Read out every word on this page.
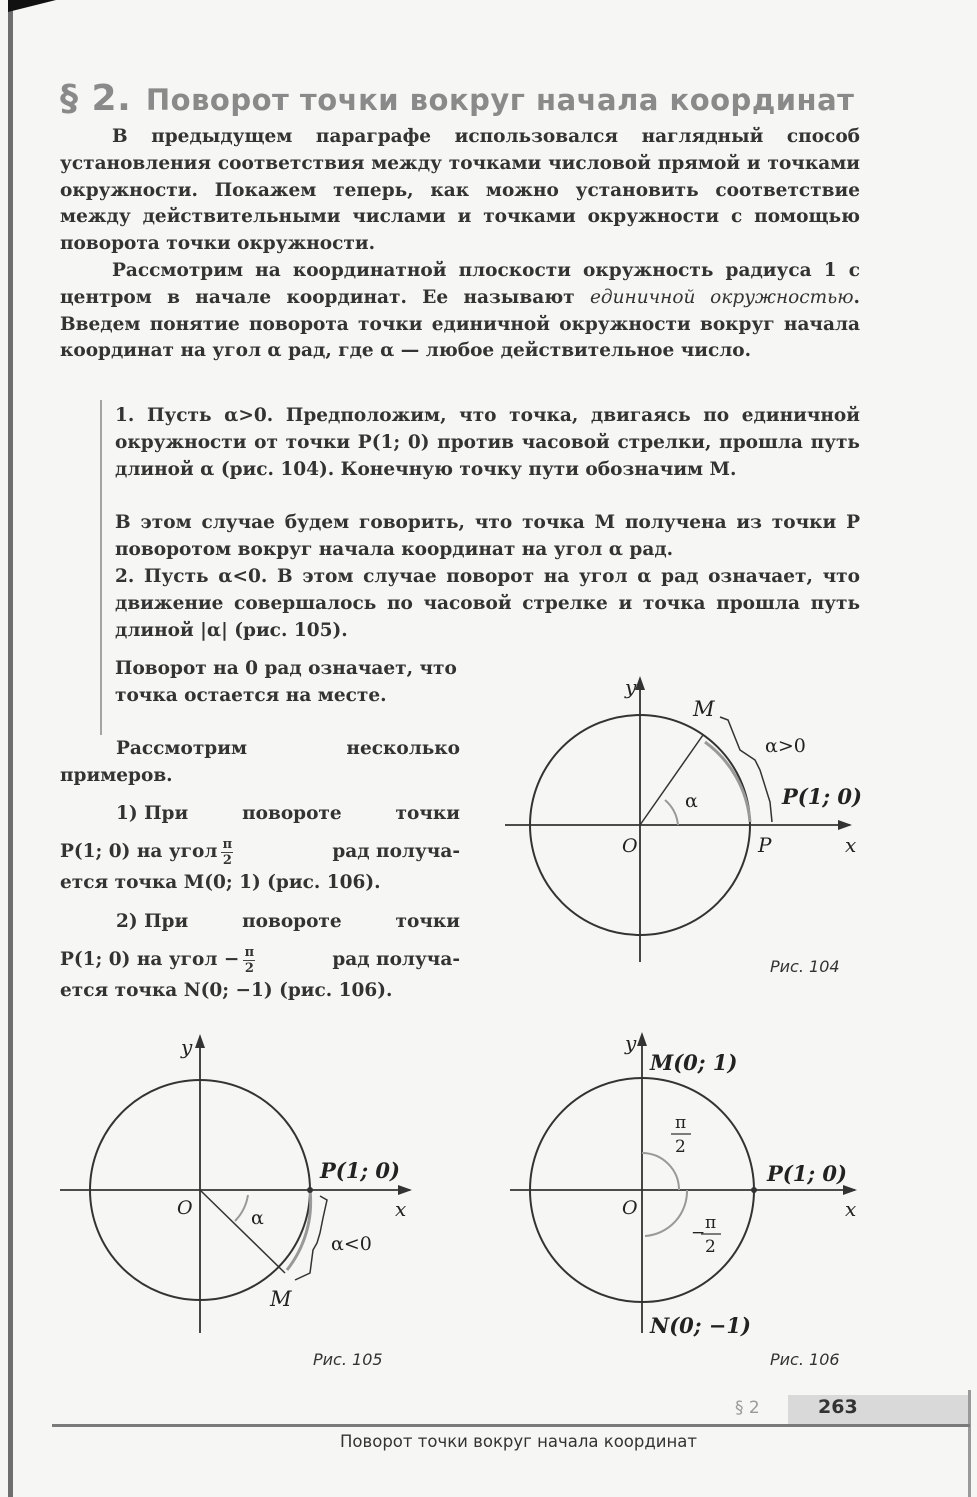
§ 2. Поворот точки вокруг начала координат
В предыдущем параграфе использовался наглядный способ установления соответствия между точками числовой прямой и точками окружности. Покажем теперь, как можно установить соответствие между действительными числами и точками окружности с помощью поворота точки окружности.
Рассмотрим на координатной плоскости окружность радиуса 1 с центром в начале координат. Ее называют единичной окружностью. Введем понятие поворота точки единичной окружности вокруг начала координат на угол α рад, где α — любое действительное число.
1. Пусть α>0. Предположим, что точка, двигаясь по единичной окружности от точки P(1; 0) против часовой стрелки, прошла путь длиной α (рис. 104). Конечную точку пути обозначим M.
В этом случае будем говорить, что точка M получена из точки P поворотом вокруг начала координат на угол α рад.
2. Пусть α<0. В этом случае поворот на угол α рад означает, что движение совершалось по часовой стрелке и точка прошла путь длиной |α| (рис. 105).
Поворот на 0 рад означает, что точка остается на месте.
Рассмотрим	несколько
примеров.
1) При	повороте	точки
P(1; 0) на угол $\frac{\pi}{2}$	рад получа-
ется точка M(0; 1) (рис. 106).
2) При	повороте	точки
P(1; 0) на угол − $\frac{\pi}{2}$	рад получа-
ется точка N(0; −1) (рис. 106).
y
x
O
M
α
α>0
P(1; 0)
P
Рис. 104
y
x
O
M
α
α<0
P(1; 0)
Рис. 105
y
x
O
M(0; 1)
N(0; −1)
P(1; 0)
π
2
− π
2
Рис. 106
§ 2	263
Поворот точки вокруг начала координат
